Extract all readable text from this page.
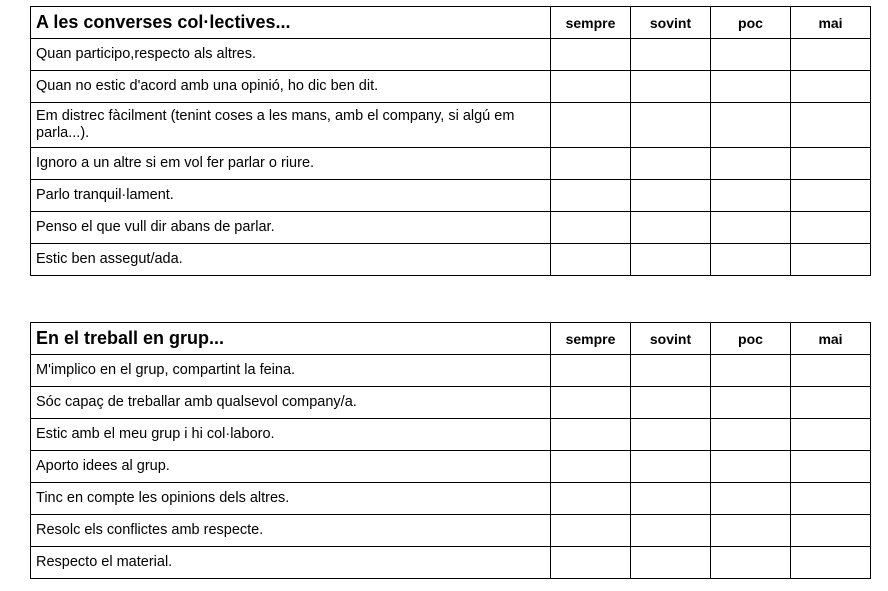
A les converses col·lectives...	sempre	sovint	poc	mai
Quan participo,respecto als altres.				
Quan no estic d'acord amb una opinió, ho dic ben dit.				
Em distrec fàcilment (tenint coses a les mans, amb el company, si algú em parla...).				
Ignoro a un altre si em vol fer parlar o riure.				
Parlo tranquil·lament.				
Penso el que vull dir abans de parlar.				
Estic ben assegut/ada.				
En el treball en grup...	sempre	sovint	poc	mai
M'implico en el grup, compartint la feina.				
Sóc capaç de treballar amb qualsevol company/a.				
Estic amb el meu grup i hi col·laboro.				
Aporto idees al grup.				
Tinc en compte les opinions dels altres.				
Resolc els conflictes amb respecte.				
Respecto el material.				
